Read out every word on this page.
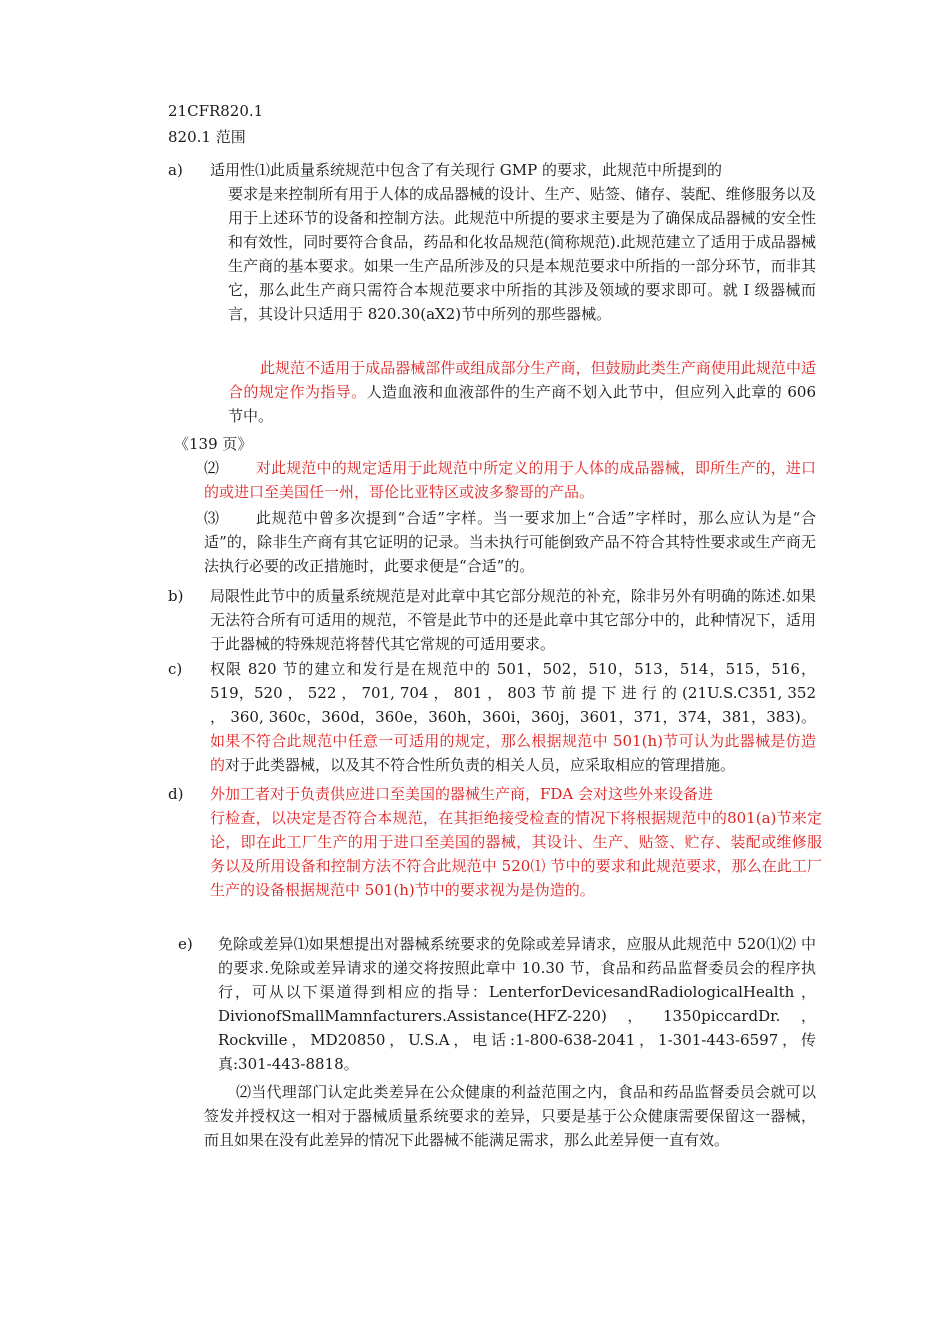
21CFR820.1
820.1 范围
a) 适用性⑴此质量系统规范中包含了有关现行 GMP 的要求，此规范中所提到的
要求是来控制所有用于人体的成品器械的设计、生产、贴签、储存、装配、维修服务以及用于上述环节的设备和控制方法。此规范中所提的要求主要是为了确保成品器械的安全性和有效性，同时要符合食品，药品和化妆品规范(简称规范).此规范建立了适用于成品器械生产商的基本要求。如果一生产品所涉及的只是本规范要求中所指的一部分环节，而非其它，那么此生产商只需符合本规范要求中所指的其涉及领域的要求即可。就 I 级器械而言，其设计只适用于 820.30(aX2)节中所列的那些器械。
此规范不适用于成品器械部件或组成部分生产商，但鼓励此类生产商使用此规范中适合的规定作为指导。人造血液和血液部件的生产商不划入此节中，但应列入此章的 606 节中。
《139 页》
⑵	对此规范中的规定适用于此规范中所定义的用于人体的成品器械，即所生产的，进口的或进口至美国任一州，哥伦比亚特区或波多黎哥的产品。
⑶	此规范中曾多次提到“合适”字样。当一要求加上“合适”字样时，那么应认为是“合适”的，除非生产商有其它证明的记录。当未执行可能倒致产品不符合其特性要求或生产商无法执行必要的改正措施时，此要求便是“合适”的。
b) 局限性此节中的质量系统规范是对此章中其它部分规范的补充，除非另外有明确的陈述.如果无法符合所有可适用的规范，不管是此节中的还是此章中其它部分中的，此种情况下，适用于此器械的特殊规范将替代其它常规的可适用要求。
c) 权限 820 节的建立和发行是在规范中的 501，502，510，513，514，515，516，519，520 ， 522 ， 701, 704 ， 801 ， 803 节 前 提 下 进 行 的 (21U.S.C351, 352 ， 360, 360c，360d，360e，360h，360i，360j，3601，371，374，381，383)。如果不符合此规范中任意一可适用的规定，那么根据规范中 501(h)节可认为此器械是仿造的对于此类器械，以及其不符合性所负责的相关人员，应采取相应的管理措施。
d) 外加工者对于负责供应进口至美国的器械生产商，FDA 会对这些外来设备进
行检查，以决定是否符合本规范，在其拒绝接受检查的情况下将根据规范中的801(a)节来定论，即在此工厂生产的用于进口至美国的器械，其设计、生产、贴签、贮存、装配或维修服务以及所用设备和控制方法不符合此规范中 520⑴ 节中的要求和此规范要求，那么在此工厂生产的设备根据规范中 501(h)节中的要求视为是伪造的。
e) 免除或差异⑴如果想提出对器械系统要求的免除或差异请求，应服从此规范中 520⑴⑵ 中的要求.免除或差异请求的递交将按照此章中 10.30 节，食品和药品监督委员会的程序执行，可从以下渠道得到相应的指导：LenterforDevicesandRadiologicalHealth ， DivionofSmallMamnfacturers.Assistance(HFZ-220)，1350piccardDr.，Rockville，MD20850，U.S.A，电话:1-800-638-2041，1-301-443-6597，传真:301-443-8818。
⑵当代理部门认定此类差异在公众健康的利益范围之内，食品和药品监督委员会就可以签发并授权这一相对于器械质量系统要求的差异，只要是基于公众健康需要保留这一器械，而且如果在没有此差异的情况下此器械不能满足需求，那么此差异便一直有效。
